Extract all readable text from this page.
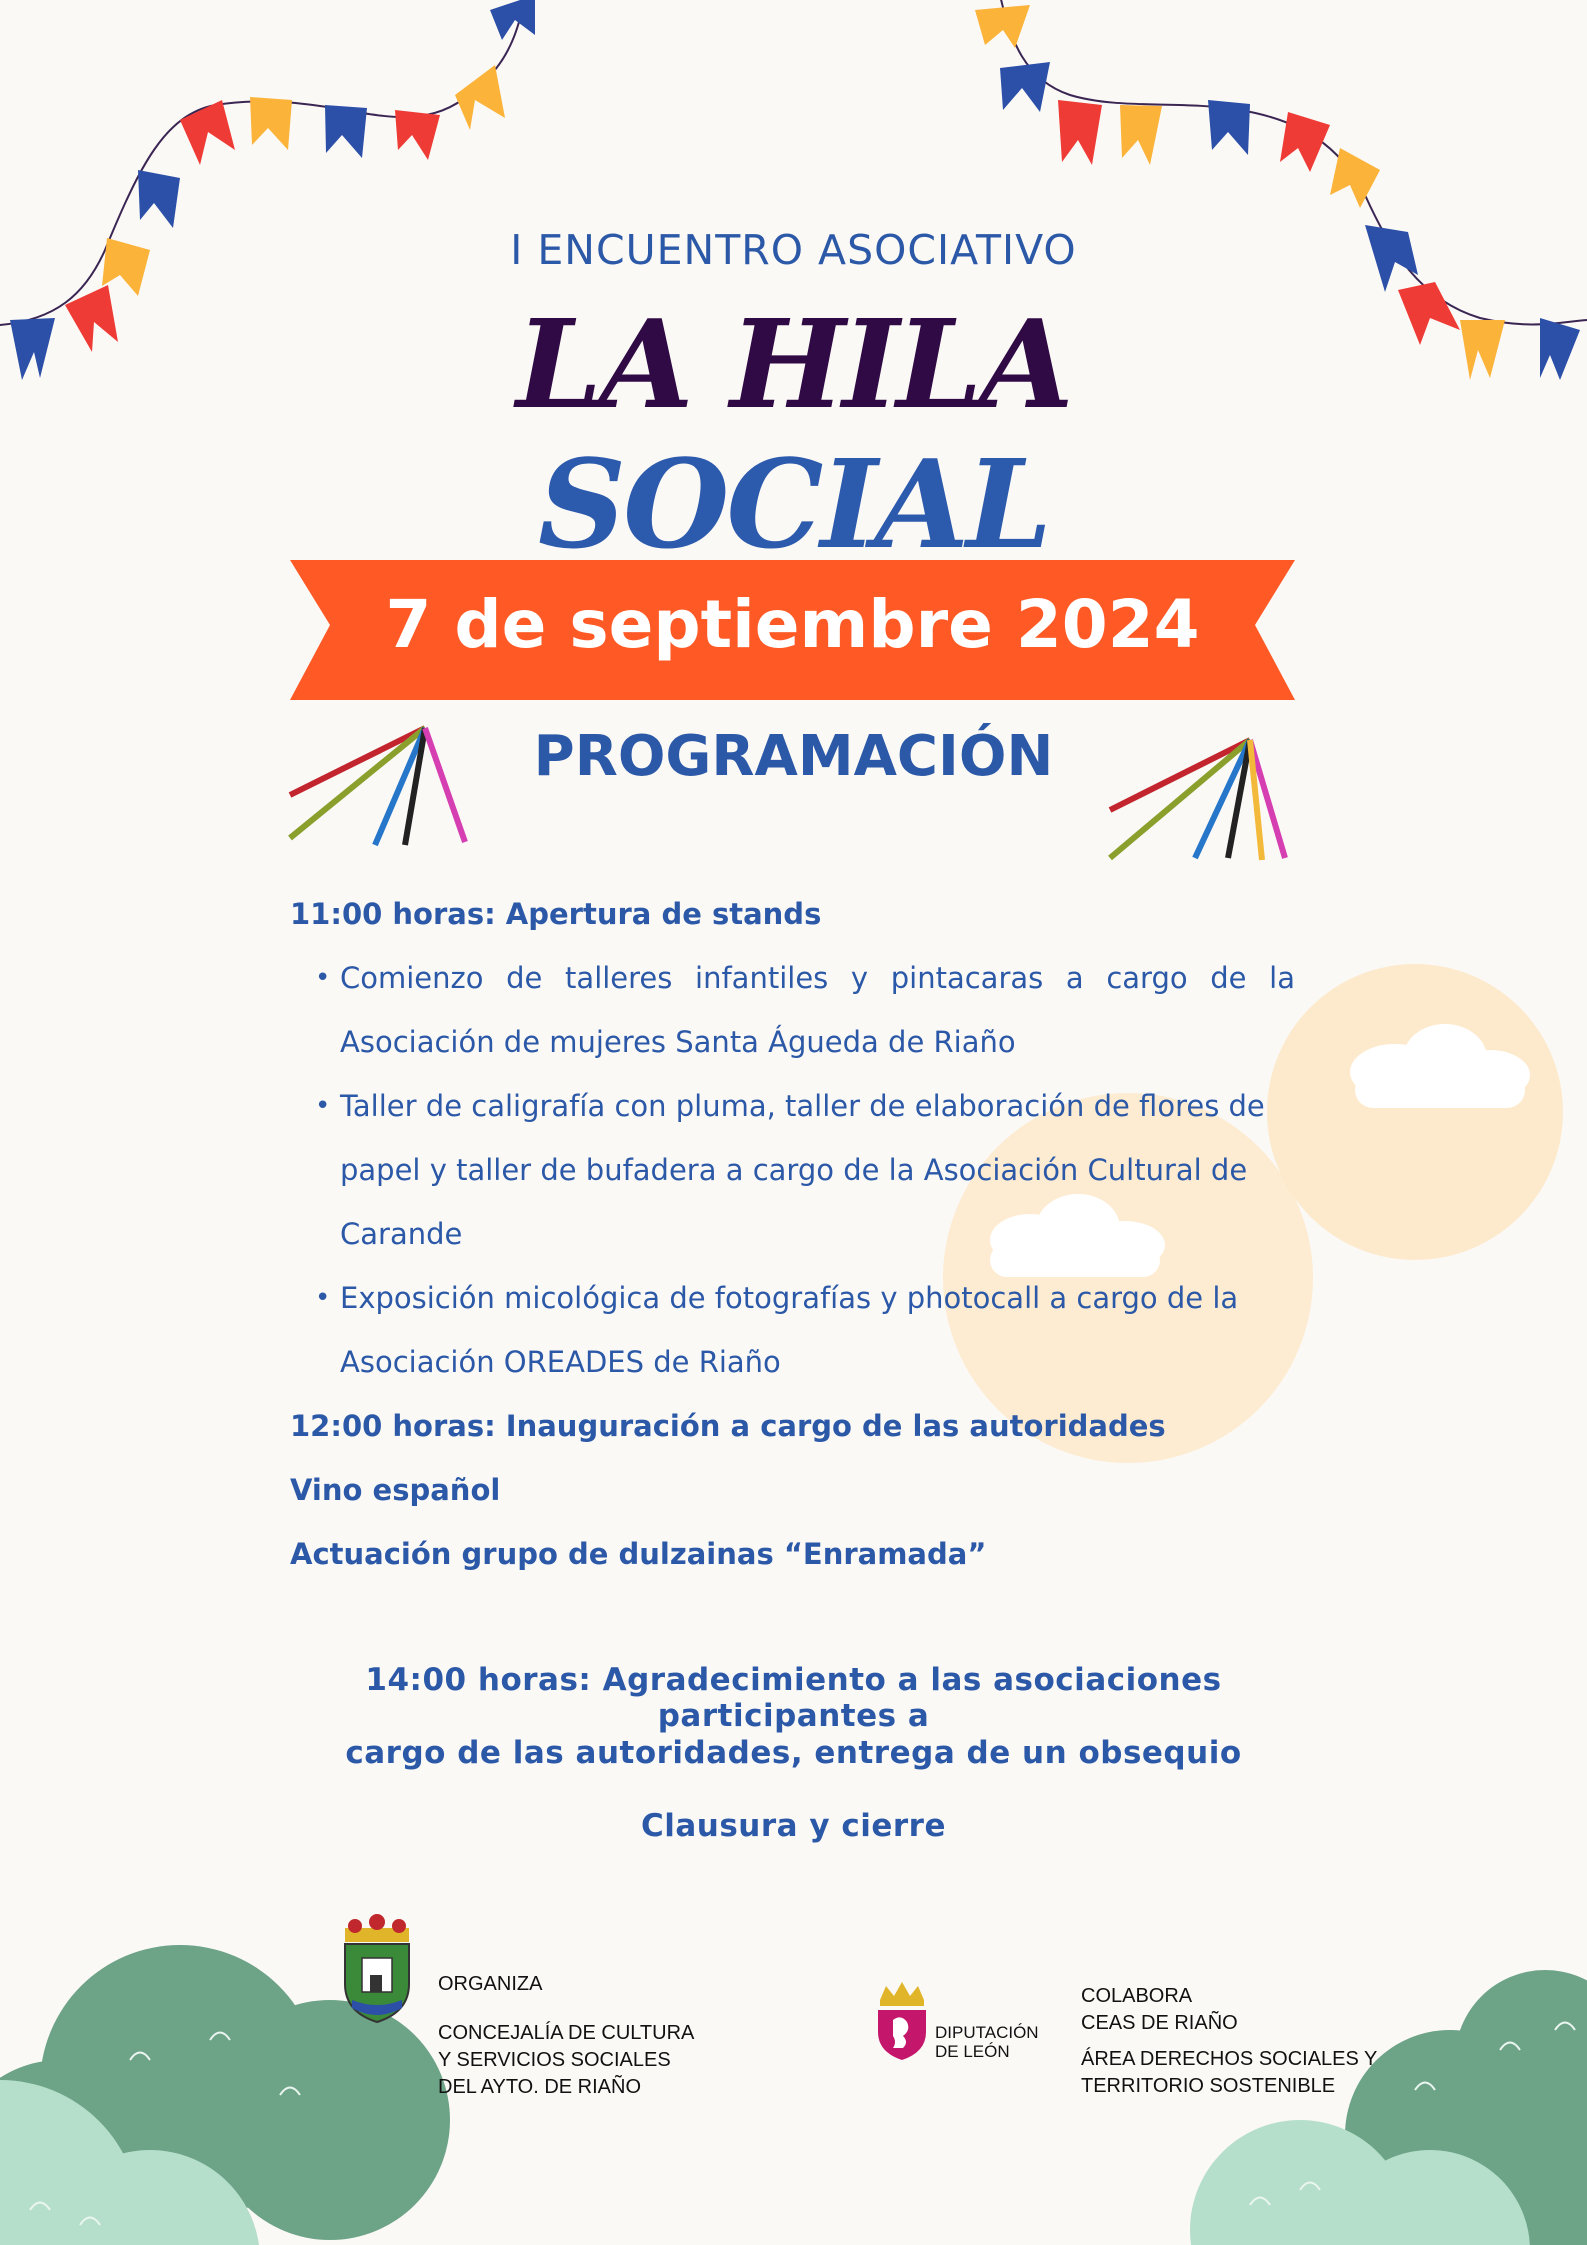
I ENCUENTRO ASOCIATIVO
LA HILA
SOCIAL
7 de septiembre 2024
PROGRAMACIÓN
11:00 horas: Apertura de stands
• Comienzo de talleres infantiles y pintacaras a cargo de la
Asociación de mujeres Santa Águeda de Riaño
• Taller de caligrafía con pluma, taller de elaboración de flores de
papel y taller de bufadera a cargo de la Asociación Cultural de
Carande
• Exposición micológica de fotografías y photocall a cargo de la
Asociación OREADES de Riaño
12:00 horas: Inauguración a cargo de las autoridades
Vino español
Actuación grupo de dulzainas “Enramada”
14:00 horas: Agradecimiento a las asociaciones participantes a
cargo de las autoridades, entrega de un obsequio
Clausura y cierre
ORGANIZA
CONCEJALÍA DE CULTURA
Y SERVICIOS SOCIALES
DEL AYTO. DE RIAÑO
DIPUTACIÓN
DE LEÓN
COLABORA
CEAS DE RIAÑO
ÁREA DERECHOS SOCIALES Y
TERRITORIO SOSTENIBLE
